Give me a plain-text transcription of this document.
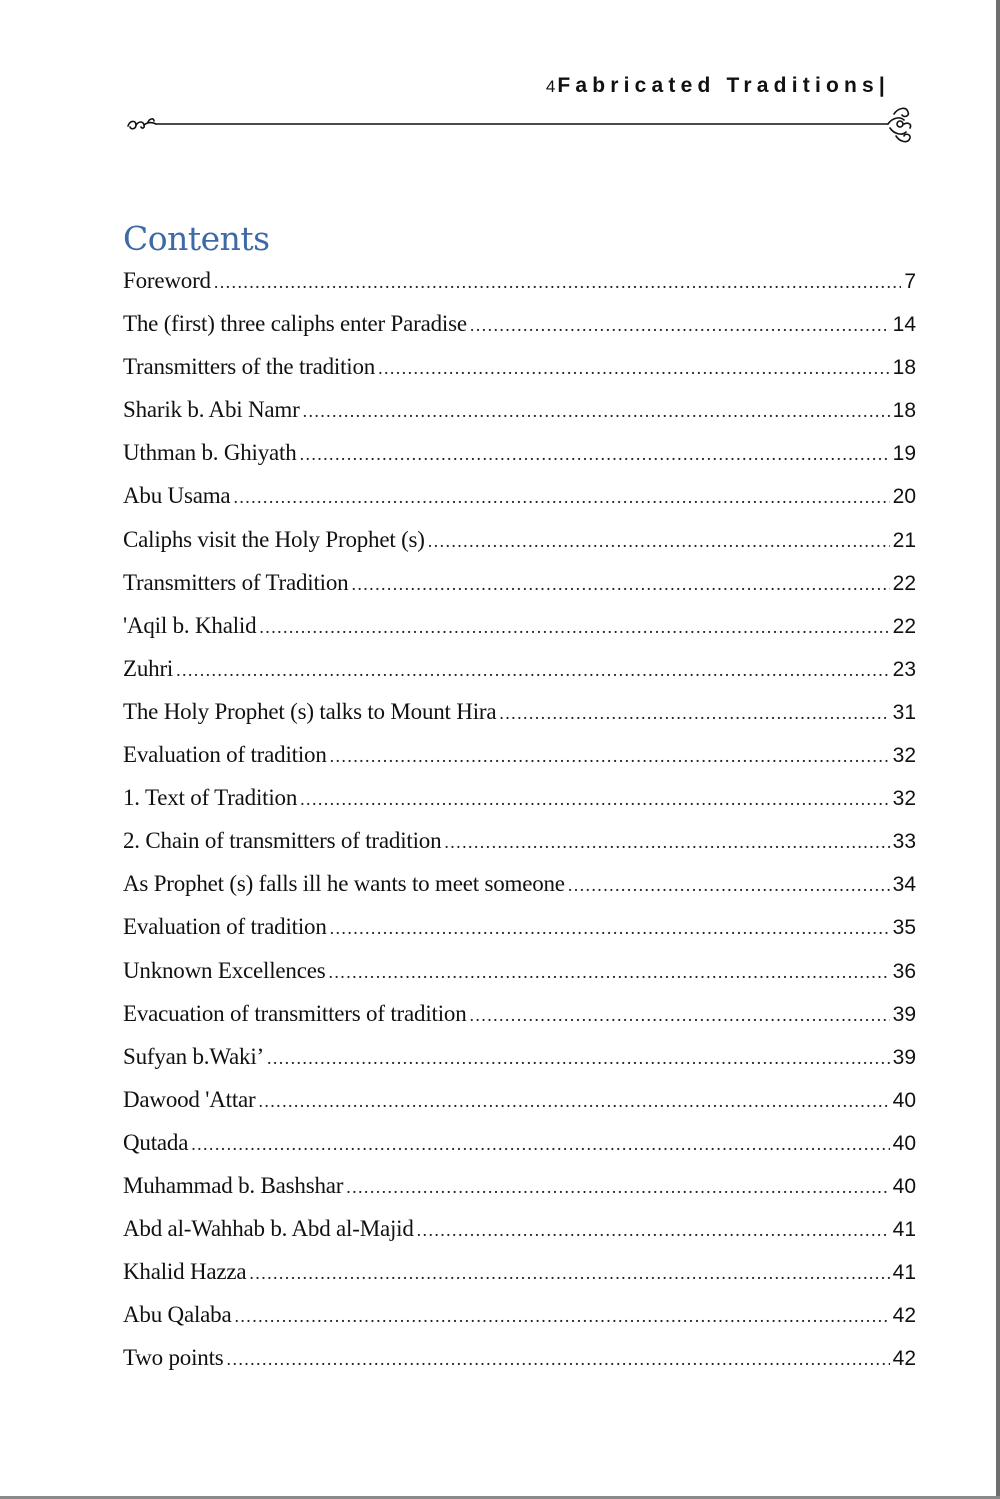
4Fabricated Traditions|
Contents
Foreword .....	7
The (first) three caliphs enter Paradise .....	14
Transmitters of the tradition .....	18
Sharik b. Abi Namr .....	18
Uthman b. Ghiyath .....	19
Abu Usama .....	20
Caliphs visit the Holy Prophet (s) .....	21
Transmitters of Tradition .....	22
'Aqil b. Khalid .....	22
Zuhri .....	23
The Holy Prophet (s) talks to Mount Hira .....	31
Evaluation of tradition .....	32
1. Text of Tradition .....	32
2. Chain of transmitters of tradition .....	33
As Prophet (s) falls ill he wants to meet someone .....	34
Evaluation of tradition .....	35
Unknown Excellences .....	36
Evacuation of transmitters of tradition .....	39
Sufyan b.Waki’ .....	39
Dawood 'Attar .....	40
Qutada .....	40
Muhammad b. Bashshar .....	40
Abd al-Wahhab b. Abd al-Majid .....	41
Khalid Hazza .....	41
Abu Qalaba .....	42
Two points .....	42
